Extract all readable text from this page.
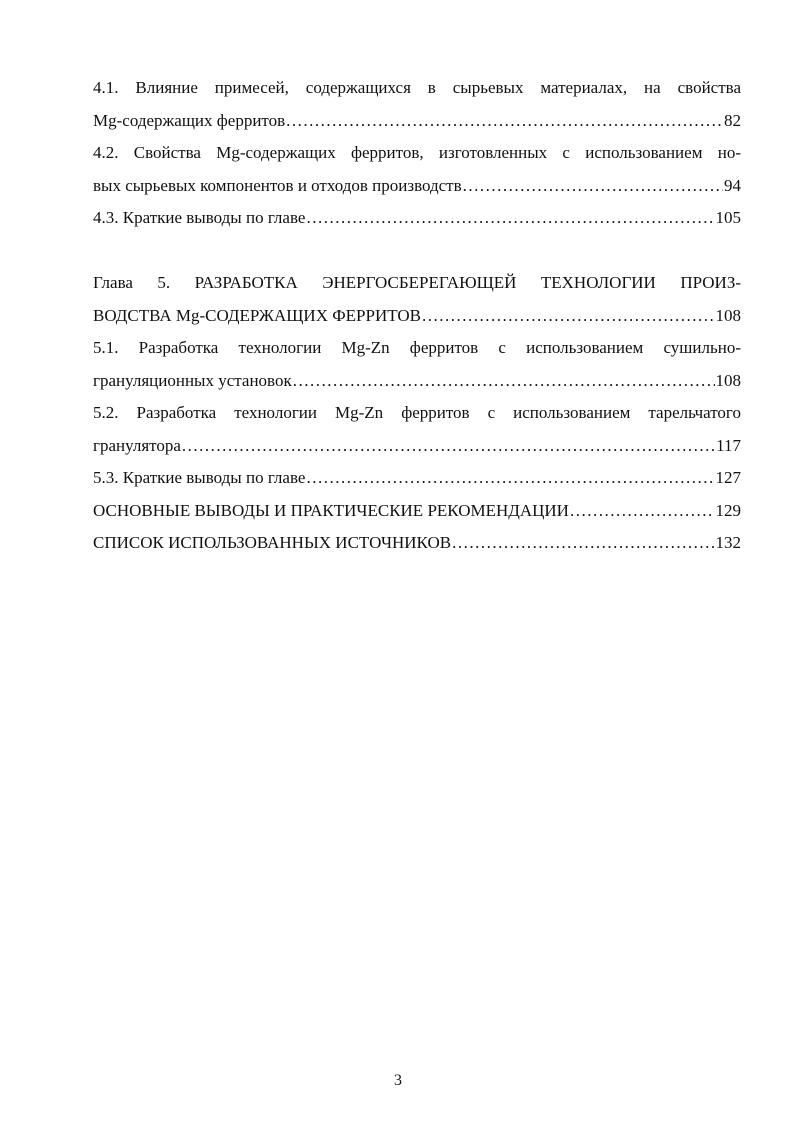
4.1. Влияние примесей, содержащихся в сырьевых материалах, на свойства
Mg-содержащих ферритов .....	82
4.2. Свойства Mg-содержащих ферритов, изготовленных с использованием но-
вых сырьевых компонентов и отходов производств .....	94
4.3. Краткие выводы по главе .....	105
Глава 5. РАЗРАБОТКА ЭНЕРГОСБЕРЕГАЮЩЕЙ ТЕХНОЛОГИИ ПРОИЗ-
ВОДСТВА Mg-СОДЕРЖАЩИХ ФЕРРИТОВ .....	108
5.1. Разработка технологии Mg-Zn ферритов с использованием сушильно-
грануляционных установок .....	108
5.2. Разработка технологии Mg-Zn ферритов с использованием тарельчатого
гранулятора .....	117
5.3. Краткие выводы по главе .....	127
ОСНОВНЫЕ ВЫВОДЫ И ПРАКТИЧЕСКИЕ РЕКОМЕНДАЦИИ .....	129
СПИСОК ИСПОЛЬЗОВАННЫХ ИСТОЧНИКОВ .....	132
3
